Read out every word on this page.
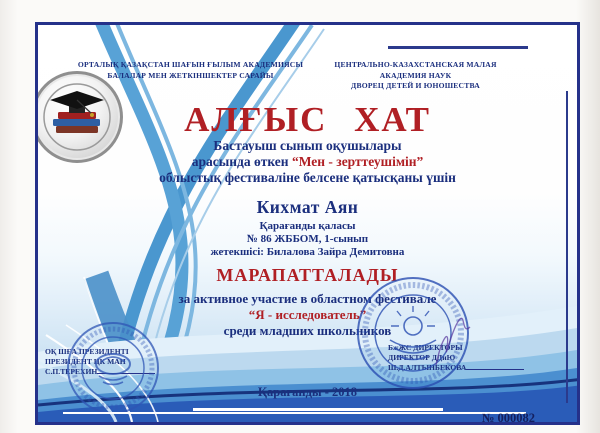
ОРТАЛЫҚ ҚАЗАҚСТАН ШАҒЫН ҒЫЛЫМ АКАДЕМИЯСЫ
БАЛАЛАР МЕН ЖЕТКІНШЕКТЕР САРАЙЫ
ЦЕНТРАЛЬНО-КАЗАХСТАНСКАЯ МАЛАЯ АКАДЕМИЯ НАУК
ДВОРЕЦ ДЕТЕЙ И ЮНОШЕСТВА
АЛҒЫС ХАТ
Бастауыш сынып оқушылары
арасында өткен “Мен - зерттеушімін”
облыстық фестиваліне белсене қатысқаны үшін
Кихмат Аян
Қарағанды қаласы
№ 86 ЖББОМ, 1-сынып
жетекшісі: Билалова Зайра Демитовна
МАРАПАТТАЛАДЫ
за активное участие в областном фестивале
“Я - исследователь”
среди младших школьников
ОҚ ШҒА ПРЕЗИДЕНТІ
ПРЕЗИДЕНТ ЦК МАН
С.П.ТЕРЕХИН
БжЖС ДИРЕКТОРЫ
ДИРЕКТОР ДДиЮ
Ш.Д.АЛТЫНБЕКОВА
Қарағанды - 2018
№ 000082
